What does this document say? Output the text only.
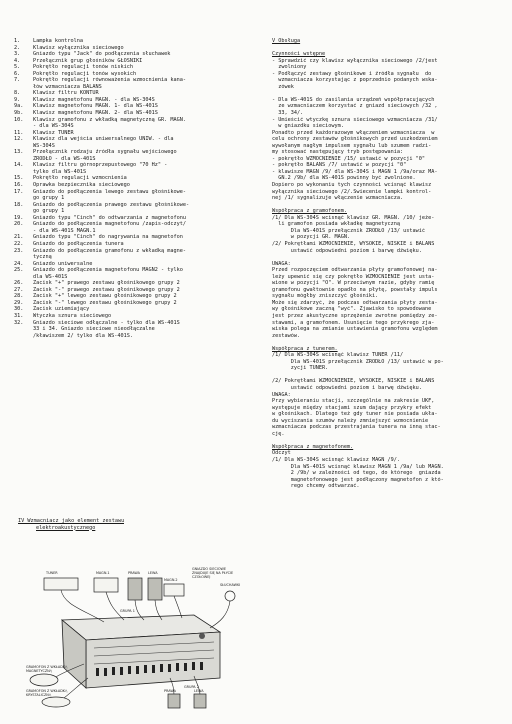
1.	Lampka kontrolna
2.	Klawisz wyłącznika sieciowego
3.	Gniazdo typu "Jack" do podłączenia słuchawek
4.	Przełącznik grup głośników GŁOŚNIKI
5.	Pokrętło regulacji tonów niskich
6.	Pokrętło regulacji tonów wysokich
7.	Pokrętło regulacji równoważenia wzmocnienia kana-
łów wzmacniacza BALANS
8.	Klawisz filtru KONTUR
9.	Klawisz magnetofonu MAGN. - dla WS-304S
9a.	Klawisz magnetofonu MAGN. 1- dla WS-401S
9b.	Klawisz magnetofonu MAGN. 2- dla WS-401S
10.	Klawisz gramofonu z wkładką magnetyczną GR. MAGN.
- dla WS-304S
11.	Klawisz TUNER
12.	Klawisz dla wejścia uniwersalnego UNIW. - dla
WS-304S
13.	Przełącznik rodzaju źródła sygnału wejściowego
ŹRÓDŁO - dla WS-401S
14.	Klawisz filtru górnoprzepustowego "70 Hz" -
tylko dla WS-401S
15.	Pokrętło regulacji wzmocnienia
16.	Oprawka bezpiecznika sieciowego
17.	Gniazdo do podłączenia lewego zestawu głośnikowe-
go grupy 1
18.	Gniazdo do podłączenia prawego zestawu głośnikowe-
go grupy 1
19.	Gniazdo typu "Cinch" do odtwarzania z magnetofonu
20.	Gniazdo do podłączenia magnetofonu /zapis-odczyt/
- dla WS-401S MAGN.1
21.	Gniazdo typu "Cinch" do nagrywania na magnetofon
22.	Gniazdo do podłączenia tunera
23.	Gniazdo do podłączenia gramofonu z wkładką magne-
tyczną
24.	Gniazdo uniwersalne
25.	Gniazdo do podłączenia magnetofonu MAGN2 - tylko
dla WS-401S
26.	Zacisk "+" prawego zestawu głośnikowego grupy 2
27.	Zacisk "-" prawego zestawu głośnikowego grupy 2
28.	Zacisk "+" lewego zestawu głośnikowego grupy 2
29.	Zacisk "-" lewego zestawu głośnikowego grupy 2
30.	Zacisk uziemiający
31.	Wtyczka sznura sieciowego
32.	Gniazdo sieciowe odłączalne - tylko dla WS-401S
33 i 34. Gniazdo sieciowe nieodłączalne
/kławiszem 2/ tylko dla WS-401S.
IV Wzmacniacz jako element zestawu
elektroakustycznego
TUNER	MAGN.1	PRAWA LEWA
MAGN.2
GNIAZDO SIECIOWE
ZNAJDUJE SIĘ NA PŁYCIE
CZOŁOWEJ
SŁUCHAWKI
GRAMOFON Z WKŁADKĄ
MAGNETYCZNĄ
GRAMOFON Z WKŁADKĄ
KRYSTALICZNĄ
GRUPA 2
PRAWA	LEWA
GRUPA 1
V Obsługa

Czynności wstępne
- Sprawdzić czy klawisz wyłącznika sieciowego /2/jest
zwolniony
- Podłączyć zestawy głośnikowe i źródła sygnału  do
wzmacniacza korzystając z poprzednio podanych wska-
zówek

- Dla WS-401S do zasilania urządzeń współpracujących
ze wzmacniaczem korzystać z gniazd sieciowych /32 ,
33, 34/.
- Umieścić wtyczkę sznura sieciowego wzmacniacza /31/
w gniazdku sieciowym.
Ponadto przed każdorazowym włączeniem wzmacniacza  w
celu ochrony zestawów głośnikowych przed uszkodzeniem
wywołanym nagłym impulsem sygnału lub szumem radzi-
my stosować następujący tryb postępowania:
- pokrętło WZMOCNIENIE /15/ ustawić w pozycji "0"
- pokrętło BALANS /7/ ustawić w pozycji "0"
- klawisze MAGN /9/ dla WS-304S i MAGN 1 /9a/oraz MA-
GN.2 /9b/ dla WS-401S powinny być zwolnione.
Dopiero po wykonaniu tych czynności wcisnąć klawisz
wyłącznika sieciowego /2/.Świecenie lampki kontrol-
nej /1/ sygnalizuje włączenie wzmacniacza.

Współpraca z gramofonem.
/1/ Dla WS-304S wcisnąć klawisz GR. MAGN. /10/ jeże-
li gramofon posiada wkładkę magnetyczną
Dla WS-401S przełącznik ŹRÓDŁO /13/ ustawić
w pozycji GR. MAGN.
/2/ Pokrętłami WZMOCNIENIE, WYSOKIE, NISKIE i BALANS
ustawić odpowiedni poziom i barwę dźwięku.

UWAGA:
Przed rozpoczęciem odtwarzania płyty gramofonowej na-
leży upewnić się czy pokrętło WZMOCNIENIE jest usta-
wione w pozycji "O". W przeciwnym razie, gdyby ramię
gramofonu gwałtownie opadło na płytę, powstały impuls
sygnału mógłby zniszczyć głośniki.
Może się zdarzyć, że podczas odtwarzania płyty zesta-
wy głośnikowe zaczną "wyć". Zjawisko to spowodowane
jest przez akustyczne sprzężenie zwrotne pomiędzy ze-
stawami, a gramofonem. Usunięcie tego przykrego zja-
wiska polega na zmianie ustawienia gramofonu względem
zestawów.

Współpraca z tunerem.
/1/ Dla WS-304S wcisnąć klawisz TUNER /11/
Dla WS-401S przełącznik ŹRÓDŁO /13/ ustawić w po-
zycji TUNER.

/2/ Pokrętłami WZMOCNIENIE, WYSOKIE, NISKIE i BALANS
ustawić odpowiedni poziom i barwę dźwięku.
UWAGA:
Przy wybieraniu stacji, szczególnie na zakresie UKF,
występuje między stacjami szum dający przykry efekt
w głośnikach. Dlatego też gdy tuner nie posiada ukła-
du wyciszania szumów należy zmniejszyć wzmocnienie
wzmacniacza podczas przestrajania tunera na inną stac-
cję.

Współpraca z magnetofonem.
Odczyt
/1/ Dla WS-304S wcisnąć klawisz MAGN /9/.
Dla WS-401S wcisnąć klawisz MAGN 1 /9a/ lub MAGN.
2 /9b/ w zależności od tego, do którego  gniazda
magnetofonowego jest podłączony magnetofon z któ-
rego chcemy odtwarzać.
